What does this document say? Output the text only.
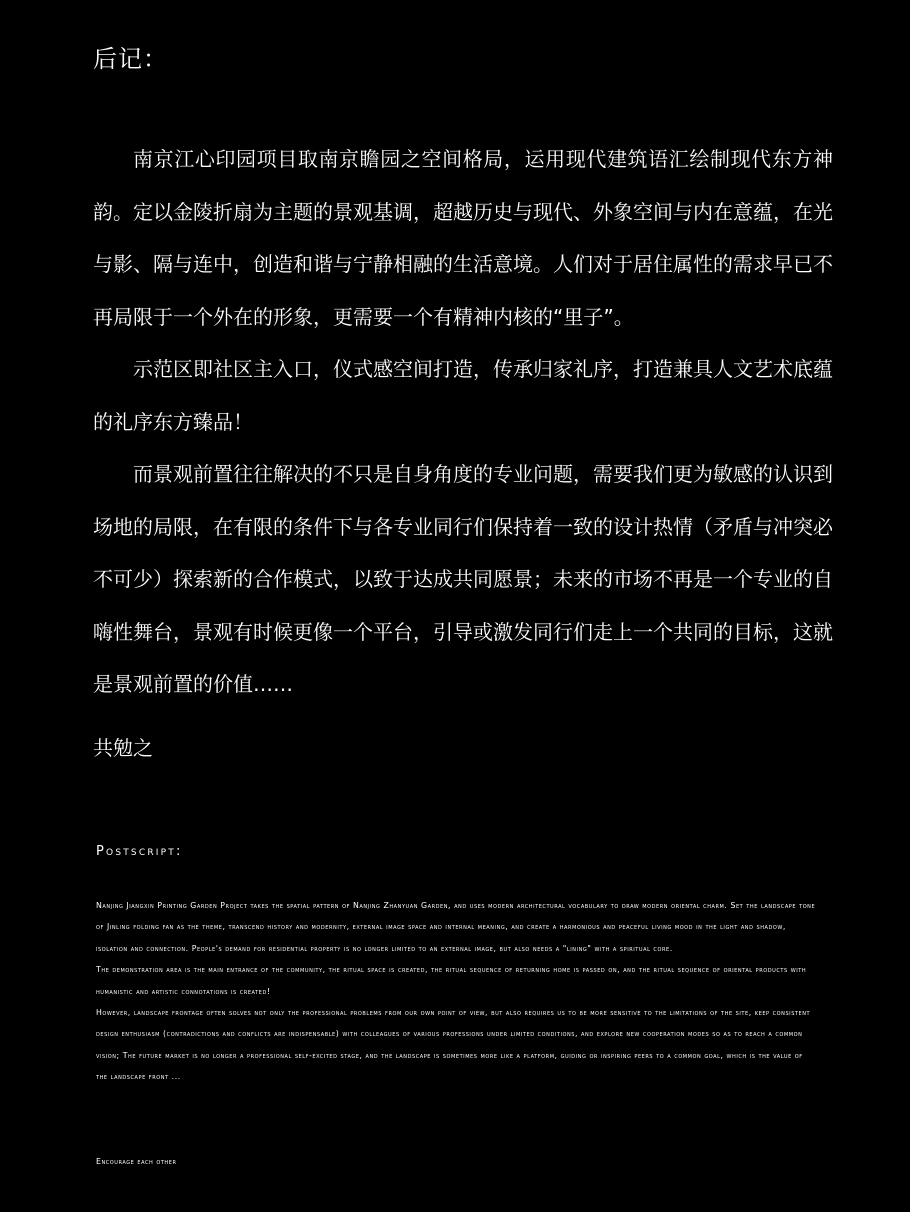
后记：

南京江心印园项目取南京瞻园之空间格局，运用现代建筑语汇绘制现代东方神韵。定以金陵折扇为主题的景观基调，超越历史与现代、外象空间与内在意蕴，在光与影、隔与连中，创造和谐与宁静相融的生活意境。人们对于居住属性的需求早已不再局限于一个外在的形象，更需要一个有精神内核的“里子”。

示范区即社区主入口，仪式感空间打造，传承归家礼序，打造兼具人文艺术底蕴的礼序东方臻品！

而景观前置往往解决的不只是自身角度的专业问题，需要我们更为敏感的认识到场地的局限，在有限的条件下与各专业同行们保持着一致的设计热情（矛盾与冲突必不可少）探索新的合作模式，以致于达成共同愿景；未来的市场不再是一个专业的自嗨性舞台，景观有时候更像一个平台，引导或激发同行们走上一个共同的目标，这就是景观前置的价值……

共勉之
Postscript:

Nanjing Jiangxin Printing Garden Project takes the spatial pattern of Nanjing Zhanyuan Garden, and uses modern architectural vocabulary to draw modern oriental charm. Set the landscape tone of Jinling folding fan as the theme, transcend history and modernity, external image space and internal meaning, and create a harmonious and peaceful living mood in the light and shadow, isolation and connection. People's demand for residential property is no longer limited to an external image, but also needs a "lining" with a spiritual core.

The demonstration area is the main entrance of the community, the ritual space is created, the ritual sequence of returning home is passed on, and the ritual sequence of oriental products with humanistic and artistic connotations is created!

However, landscape frontage often solves not only the professional problems from our own point of view, but also requires us to be more sensitive to the limitations of the site, keep consistent design enthusiasm (contradictions and conflicts are indispensable) with colleagues of various professions under limited conditions, and explore new cooperation modes so as to reach a common vision; The future market is no longer a professional self-excited stage, and the landscape is sometimes more like a platform, guiding or inspiring peers to a common goal, which is the value of the landscape front ...

Encourage each other
